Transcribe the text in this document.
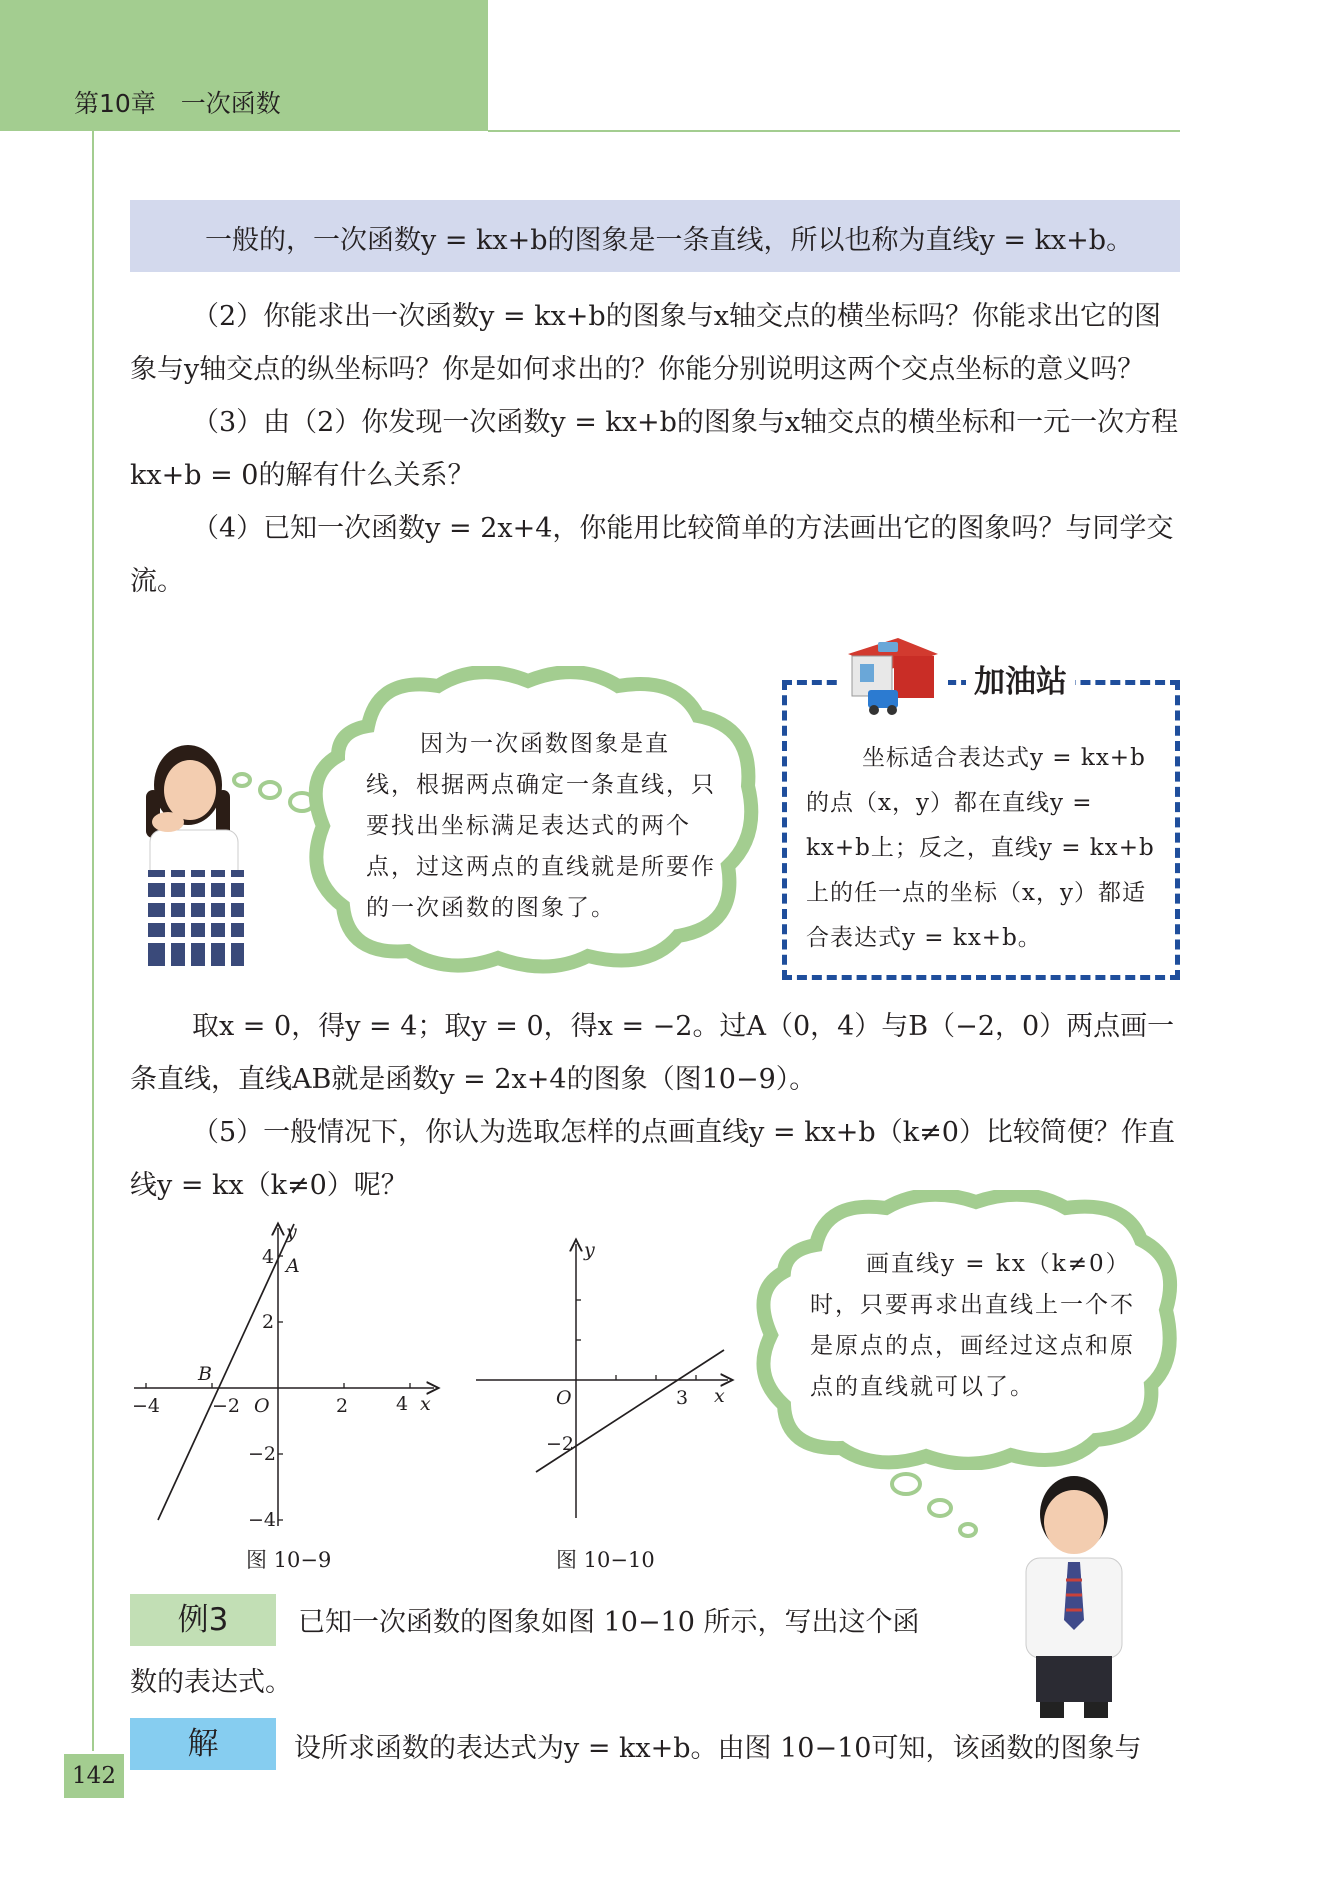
第10章　一次函数
一般的，一次函数y = kx+b的图象是一条直线，所以也称为直线y = kx+b。

（2）你能求出一次函数y = kx+b的图象与x轴交点的横坐标吗？你能求出它的图象与y轴交点的纵坐标吗？你是如何求出的？你能分别说明这两个交点坐标的意义吗？

（3）由（2）你发现一次函数y = kx+b的图象与x轴交点的横坐标和一元一次方程kx+b = 0的解有什么关系？

（4）已知一次函数y = 2x+4，你能用比较简单的方法画出它的图象吗？与同学交流。

因为一次函数图象是直线，根据两点确定一条直线，只要找出坐标满足表达式的两个点，过这两点的直线就是所要作的一次函数的图象了。
加油站
坐标适合表达式y = kx+b的点（x，y）都在直线y = kx+b上；反之，直线y = kx+b上的任一点的坐标（x，y）都适合表达式y = kx+b。

取x = 0，得y = 4；取y = 0，得x = −2。过A（0，4）与B（−2，0）两点画一条直线，直线AB就是函数y = 2x+4的图象（图10−9）。

（5）一般情况下，你认为选取怎样的点画直线y = kx+b（k≠0）比较简便？作直线y = kx（k≠0）呢？

−4	−2 O	2	4 x
y
4
2
−2
−4
A
B
图 10−9
O	3 x
y
−2
图 10−10
画直线y = kx（k≠0）时，只要再求出直线上一个不是原点的点，画经过这点和原点的直线就可以了。
例3	已知一次函数的图象如图 10−10 所示，写出这个函
数的表达式。
解	设所求函数的表达式为y = kx+b。由图 10−10可知，该函数的图象与
142
